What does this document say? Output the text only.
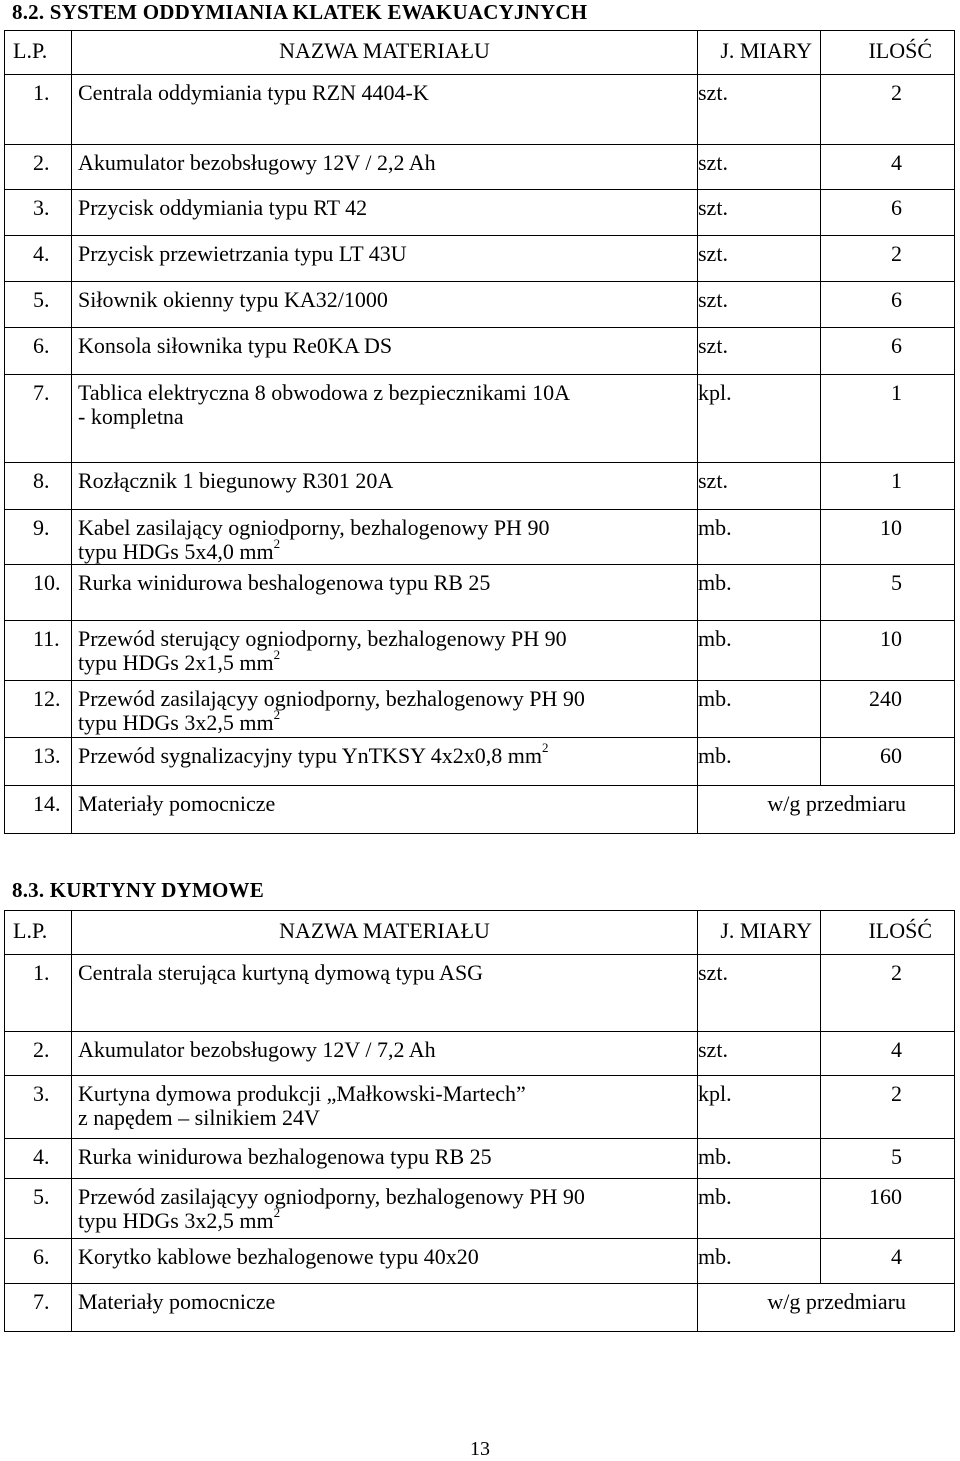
8.2. SYSTEM ODDYMIANIA KLATEK EWAKUACYJNYCH
L.P.	NAZWA MATERIAŁU	J. MIARY	ILOŚĆ
1.	Centrala oddymiania typu RZN 4404-K	szt.	2
2.	Akumulator bezobsługowy 12V / 2,2 Ah	szt.	4
3.	Przycisk oddymiania typu RT 42	szt.	6
4.	Przycisk przewietrzania typu LT 43U	szt.	2
5.	Siłownik okienny typu KA32/1000	szt.	6
6.	Konsola siłownika typu Re0KA DS	szt.	6
7.	Tablica elektryczna 8 obwodowa z bezpiecznikami 10A
- kompletna	kpl.	1
8.	Rozłącznik 1 biegunowy R301 20A	szt.	1
9.	Kabel zasilający ogniodporny, bezhalogenowy PH 90
typu HDGs 5x4,0 $mm^2$	mb.	10
10.	Rurka winidurowa beshalogenowa typu RB 25	mb.	5
11.	Przewód sterujący ogniodporny, bezhalogenowy PH 90
typu HDGs 2x1,5 $mm^2$	mb.	10
12.	Przewód zasilającyy ogniodporny, bezhalogenowy PH 90
typu HDGs 3x2,5 $mm^2$	mb.	240
13.	Przewód sygnalizacyjny typu YnTKSY 4x2x0,8 $mm^2$	mb.	60
14.	Materiały pomocnicze	w/g przedmiaru	
8.3. KURTYNY DYMOWE
L.P.	NAZWA MATERIAŁU	J. MIARY	ILOŚĆ
1.	Centrala sterująca kurtyną dymową typu ASG	szt.	2
2.	Akumulator bezobsługowy 12V / 7,2 Ah	szt.	4
3.	Kurtyna dymowa produkcji „Małkowski-Martech”
z napędem – silnikiem 24V	kpl.	2
4.	Rurka winidurowa bezhalogenowa typu RB 25	mb.	5
5.	Przewód zasilającyy ogniodporny, bezhalogenowy PH 90
typu HDGs 3x2,5 $mm^2$	mb.	160
6.	Korytko kablowe bezhalogenowe typu 40x20	mb.	4
7.	Materiały pomocnicze	w/g przedmiaru	
13
